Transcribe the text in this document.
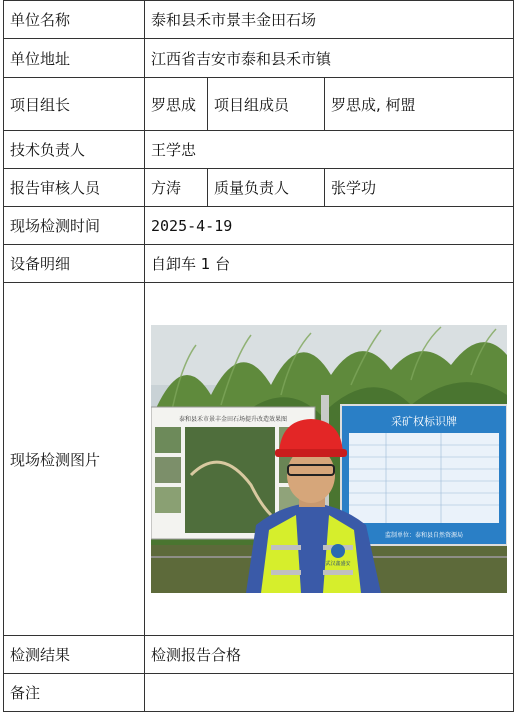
单位名称	泰和县禾市景丰金田石场		
单位地址	江西省吉安市泰和县禾市镇		
项目组长	罗思成	项目组成员	罗思成, 柯盟
技术负责人	王学忠		
报告审核人员	方涛	质量负责人	张学功
现场检测时间	2025-4-19		
设备明细	自卸车 1 台		
现场检测图片	泰和县禾市景丰金田石场提升改造效果图 采矿权标识牌
监制单位：泰和县自然资源局
武汉鑫盛安		

检测结果	检测报告合格		
备注			
